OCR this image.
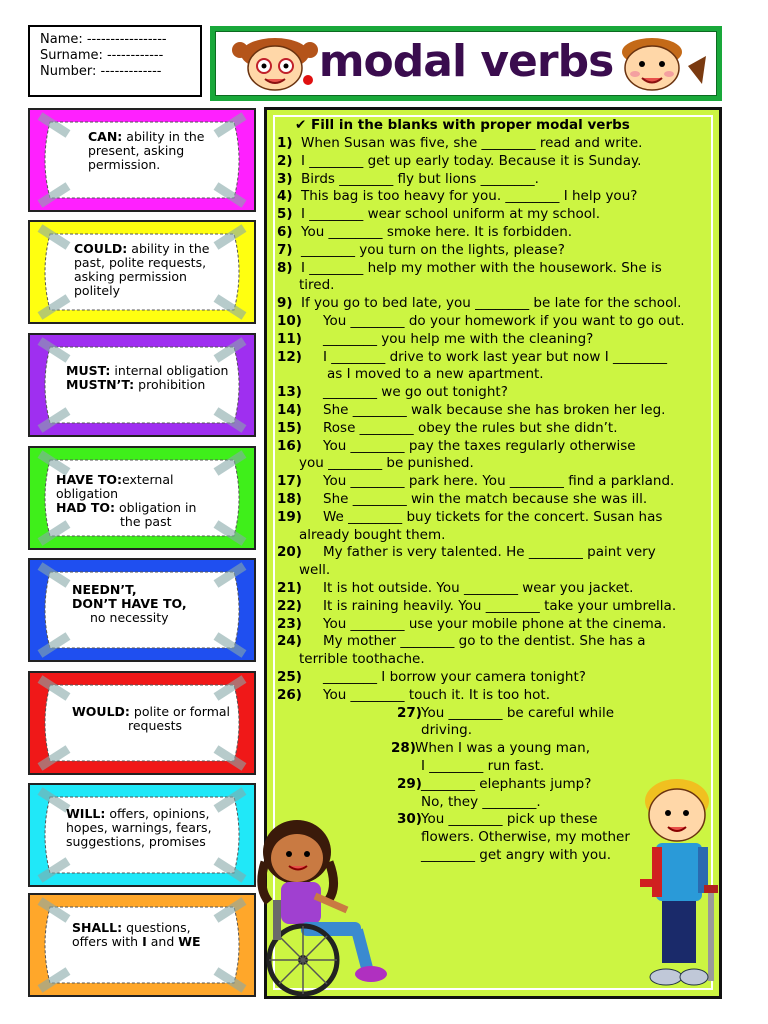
Name: -----------------
Surname: ------------
Number: -------------	modal verbs
CAN: ability in the
present, asking
permission.
COULD: ability in the
past, polite requests,
asking permission
politely
MUST: internal obligation
MUSTN’T: prohibition
HAVE TO:external
obligation
HAD TO: obligation in
the past
NEEDN’T,
DON’T HAVE TO,
no necessity
WOULD: polite or formal
requests
WILL: offers, opinions,
hopes, warnings, fears,
suggestions, promises
SHALL: questions,
offers with I and WE
✔ Fill in the blanks with proper modal verbs
1) When Susan was five, she ________ read and write.
2) I ________ get up early today. Because it is Sunday.
3) Birds ________ fly but lions ________.
4) This bag is too heavy for you. ________ I help you?
5) I ________ wear school uniform at my school.
6) You ________ smoke here. It is forbidden.
7) ________ you turn on the lights, please?
8) I ________ help my mother with the housework. She is
tired.
9) If you go to bed late, you ________ be late for the school.
10) You ________ do your homework if you want to go out.
11) ________ you help me with the cleaning?
12) I ________ drive to work last year but now I ________
as I moved to a new apartment.
13) ________ we go out tonight?
14) She ________ walk because she has broken her leg.
15) Rose ________ obey the rules but she didn’t.
16) You ________ pay the taxes regularly otherwise
you ________ be punished.
17) You ________ park here. You ________ find a parkland.
18) She ________ win the match because she was ill.
19) We ________ buy tickets for the concert. Susan has
already bought them.
20) My father is very talented. He ________ paint very
well.
21) It is hot outside. You ________ wear you jacket.
22) It is raining heavily. You ________ take your umbrella.
23) You ________ use your mobile phone at the cinema.
24) My mother ________ go to the dentist. She has a
terrible toothache.
25) ________ I borrow your camera tonight?
26) You ________ touch it. It is too hot.
27)You ________ be careful while
driving.
28)When I was a young man,
I ________ run fast.
29)________ elephants jump?
No, they ________.
30)You ________ pick up these
flowers. Otherwise, my mother
________ get angry with you.
